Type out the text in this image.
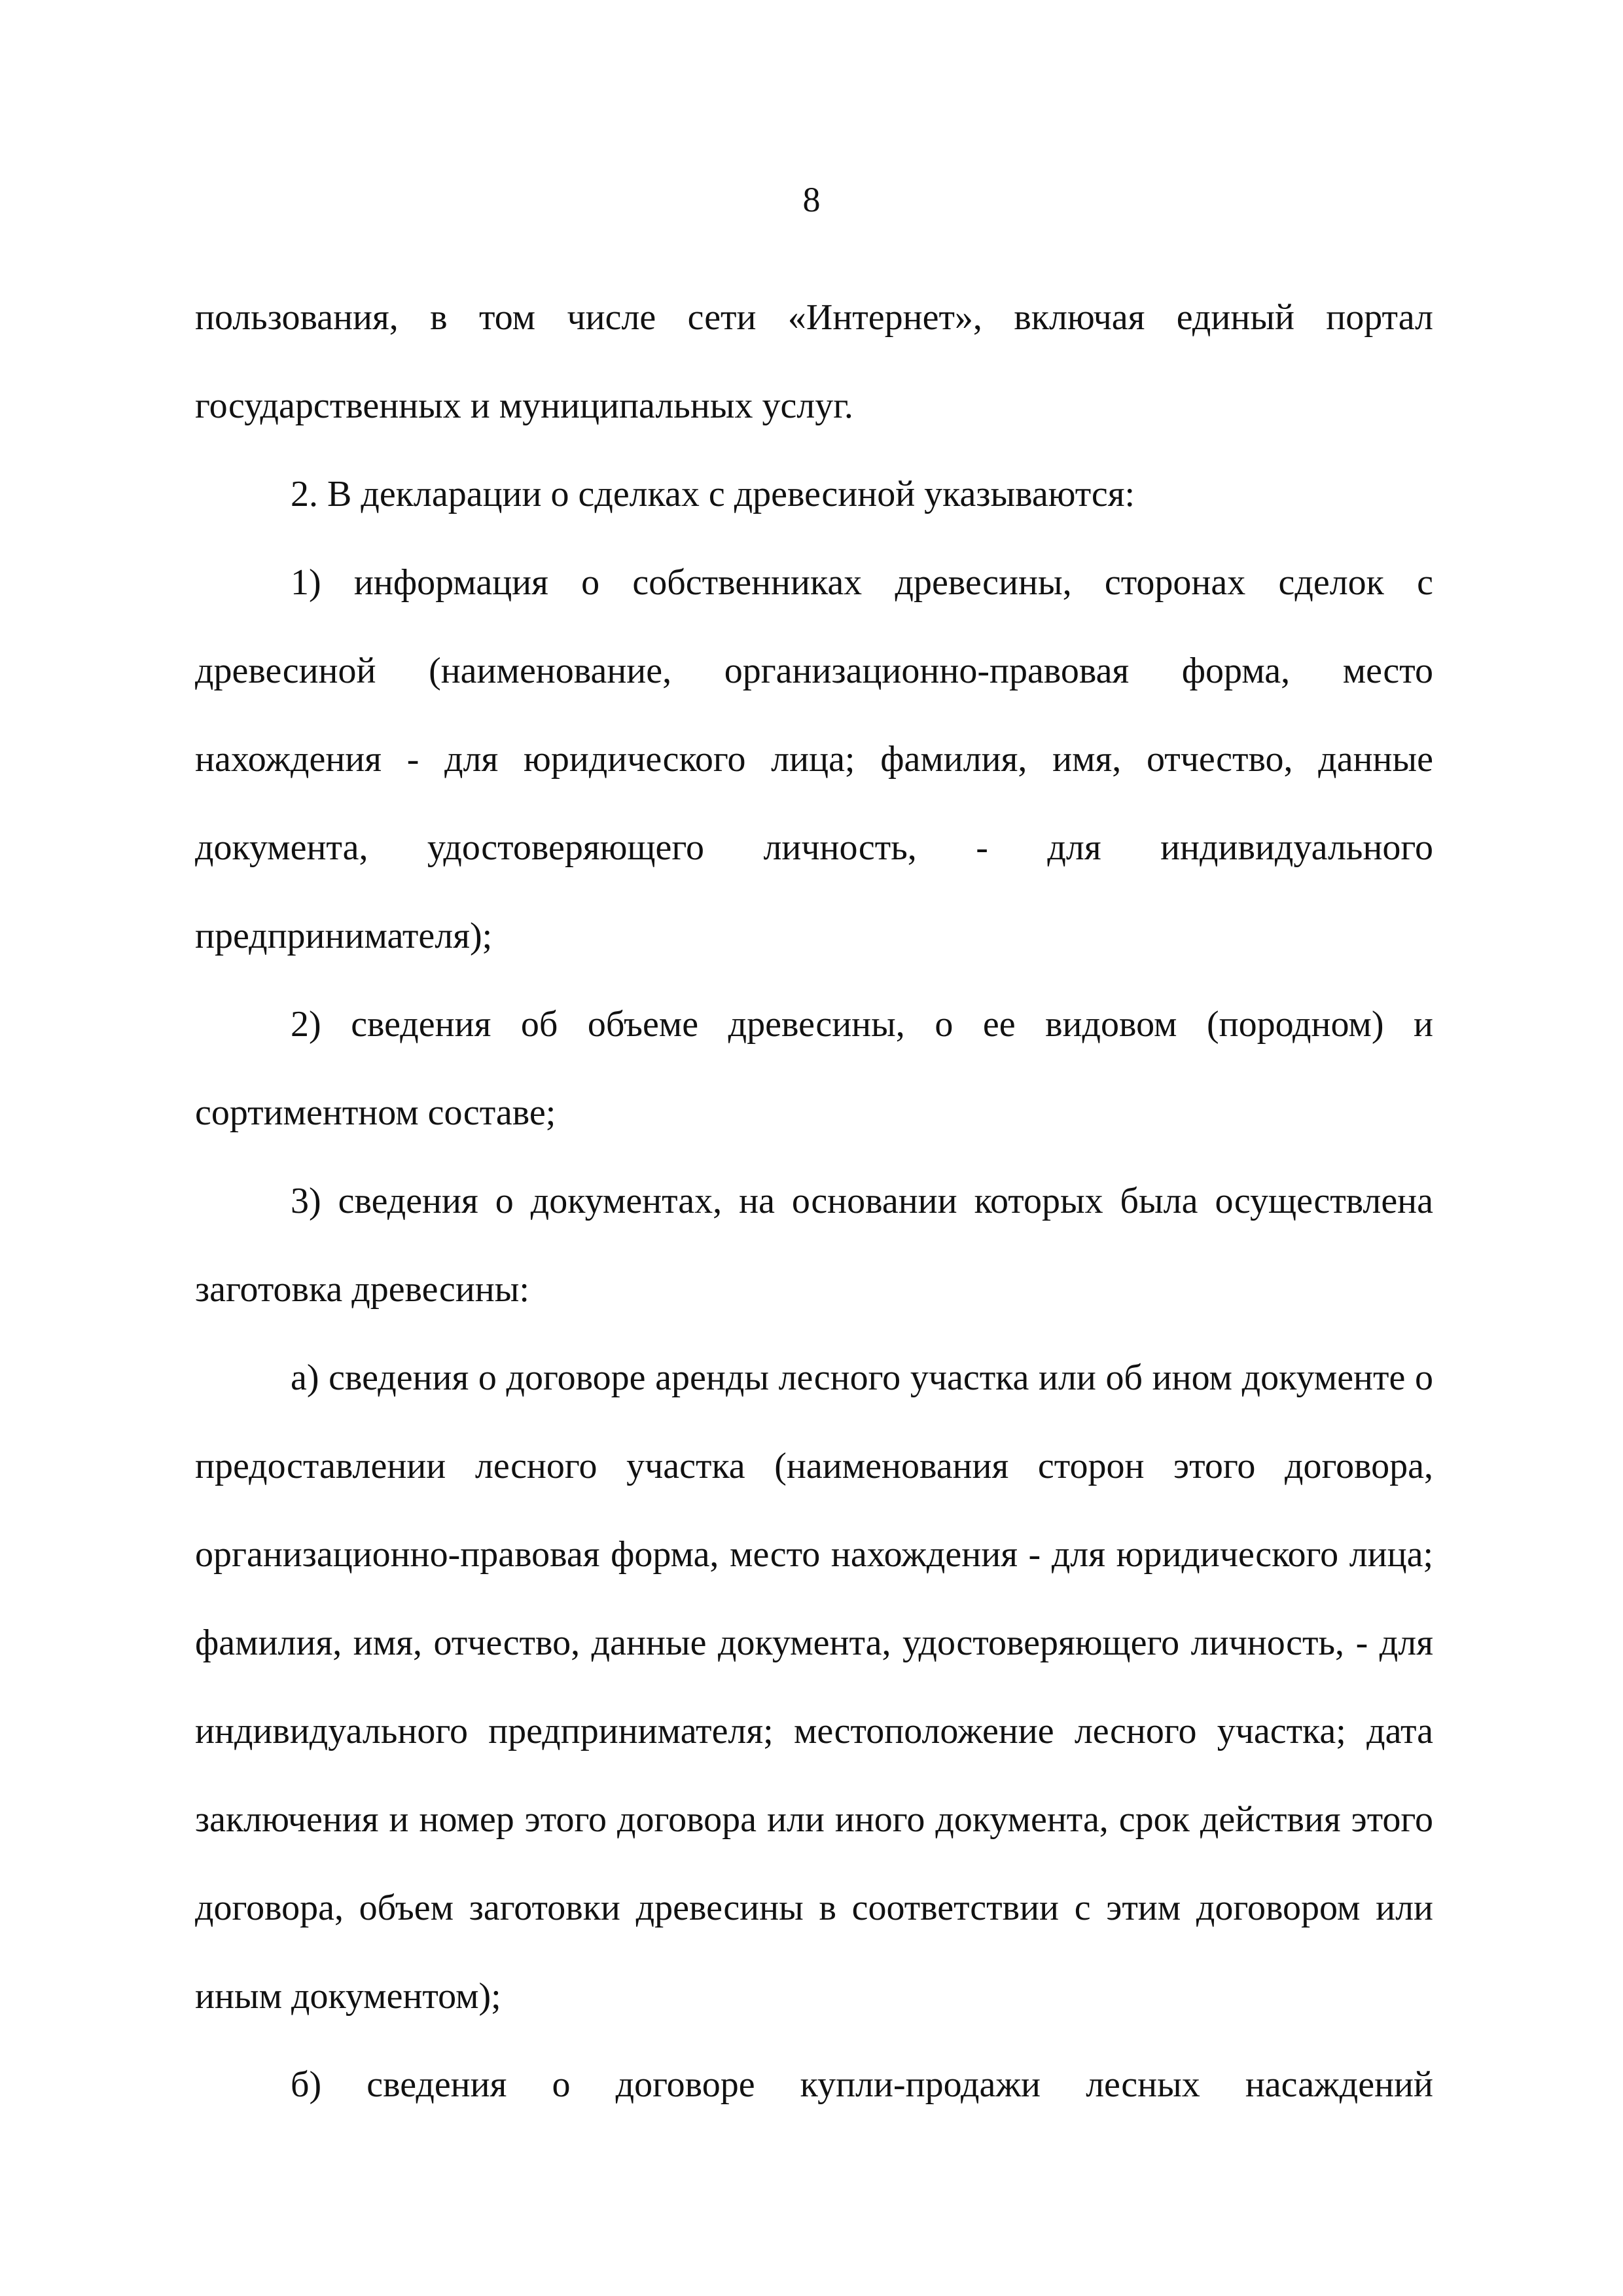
8

пользования, в том числе сети «Интернет», включая единый портал государственных и муниципальных услуг.

2. В декларации о сделках с древесиной указываются:

1) информация о собственниках древесины, сторонах сделок с древесиной (наименование, организационно-правовая форма, место нахождения - для юридического лица; фамилия, имя, отчество, данные документа, удостоверяющего личность, - для индивидуального предпринимателя);

2) сведения об объеме древесины, о ее видовом (породном) и сортиментном составе;

3) сведения о документах, на основании которых была осуществлена заготовка древесины:

а) сведения о договоре аренды лесного участка или об ином документе о предоставлении лесного участка (наименования сторон этого договора, организационно-правовая форма, место нахождения - для юридического лица; фамилия, имя, отчество, данные документа, удостоверяющего личность, - для индивидуального предпринимателя; местоположение лесного участка; дата заключения и номер этого договора или иного документа, срок действия этого договора, объем заготовки древесины в соответствии с этим договором или иным документом);

б) сведения о договоре купли-продажи лесных насаждений
